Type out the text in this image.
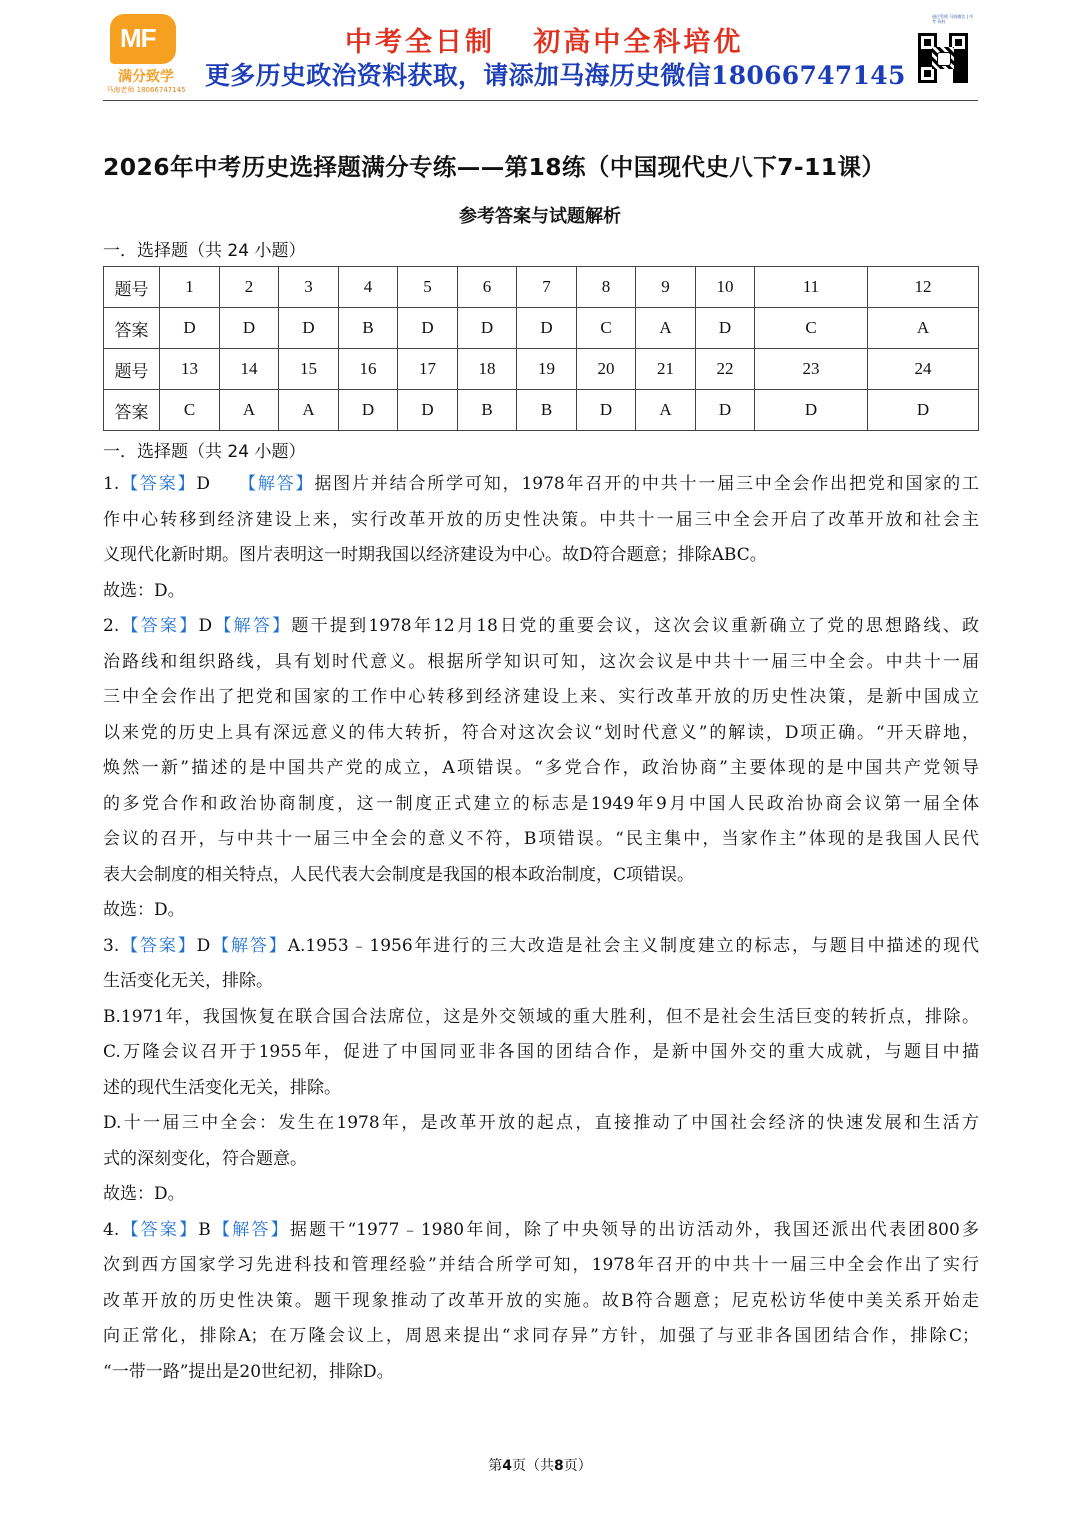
MF
满分致学
马海老师 18066747145
中考全日制 初高中全科培优
更多历史政治资料获取，请添加马海历史微信18066747145
通过管理 马海微信 | 中考 资料
2026年中考历史选择题满分专练——第18练（中国现代史八下7-11课）
参考答案与试题解析
一．选择题（共 24 小题）
题号	1	2	3	4	5	6	7	8	9	10	11	12
答案	D	D	D	B	D	D	D	C	A	D	C	A
题号	13	14	15	16	17	18	19	20	21	22	23	24
答案	C	A	A	D	D	B	B	D	A	D	D	D
一．选择题（共 24 小题）

1.【答案】D 【解答】据图片并结合所学可知，1978年召开的中共十一届三中全会作出把党和国家的工

作中心转移到经济建设上来，实行改革开放的历史性决策。中共十一届三中全会开启了改革开放和社会主

义现代化新时期。图片表明这一时期我国以经济建设为中心。故D符合题意；排除ABC。

故选：D。

2.【答案】D【解答】题干提到1978年12月18日党的重要会议，这次会议重新确立了党的思想路线、政

治路线和组织路线，具有划时代意义。根据所学知识可知，这次会议是中共十一届三中全会。中共十一届

三中全会作出了把党和国家的工作中心转移到经济建设上来、实行改革开放的历史性决策，是新中国成立

以来党的历史上具有深远意义的伟大转折，符合对这次会议“划时代意义”的解读，D项正确。“开天辟地，

焕然一新”描述的是中国共产党的成立，A项错误。“多党合作，政治协商”主要体现的是中国共产党领导

的多党合作和政治协商制度，这一制度正式建立的标志是1949年9月中国人民政治协商会议第一届全体

会议的召开，与中共十一届三中全会的意义不符，B项错误。“民主集中，当家作主”体现的是我国人民代

表大会制度的相关特点，人民代表大会制度是我国的根本政治制度，C项错误。

故选：D。

3.【答案】D【解答】A.1953﹣1956年进行的三大改造是社会主义制度建立的标志，与题目中描述的现代

生活变化无关，排除。

B.1971年，我国恢复在联合国合法席位，这是外交领域的重大胜利，但不是社会生活巨变的转折点，排除。

C.万隆会议召开于1955年，促进了中国同亚非各国的团结合作，是新中国外交的重大成就，与题目中描

述的现代生活变化无关，排除。

D.十一届三中全会：发生在1978年，是改革开放的起点，直接推动了中国社会经济的快速发展和生活方

式的深刻变化，符合题意。

故选：D。

4.【答案】B【解答】据题干“1977﹣1980年间，除了中央领导的出访活动外，我国还派出代表团800多

次到西方国家学习先进科技和管理经验”并结合所学可知，1978年召开的中共十一届三中全会作出了实行

改革开放的历史性决策。题干现象推动了改革开放的实施。故B符合题意；尼克松访华使中美关系开始走

向正常化，排除A；在万隆会议上，周恩来提出“求同存异”方针，加强了与亚非各国团结合作，排除C；

“一带一路”提出是20世纪初，排除D。

第4页（共8页）
